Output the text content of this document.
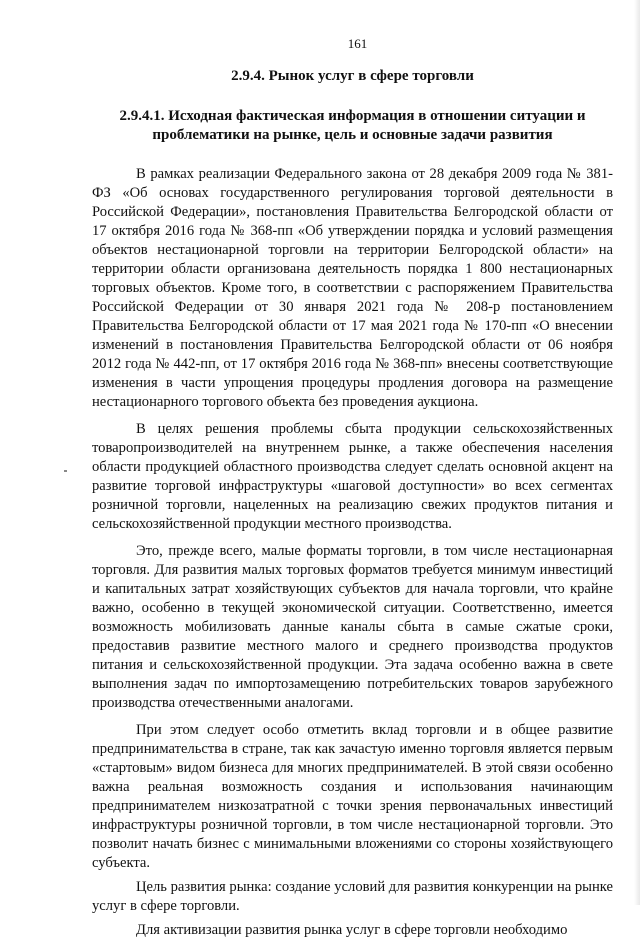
161
2.9.4. Рынок услуг в сфере торговли
2.9.4.1. Исходная фактическая информация в отношении ситуации и проблематики на рынке, цель и основные задачи развития

В рамках реализации Федерального закона от 28 декабря 2009 года № 381-ФЗ «Об основах государственного регулирования торговой деятельности в Российской Федерации», постановления Правительства Белгородской области от 17 октября 2016 года № 368-пп «Об утверждении порядка и условий размещения объектов нестационарной торговли на территории Белгородской области» на территории области организована деятельность порядка 1 800 нестационарных торговых объектов. Кроме того, в соответствии с распоряжением Правительства Российской Федерации от 30 января 2021 года № 208-р постановлением Правительства Белгородской области от 17 мая 2021 года № 170-пп «О внесении изменений в постановления Правительства Белгородской области от 06 ноября 2012 года № 442-пп, от 17 октября 2016 года № 368-пп» внесены соответствующие изменения в части упрощения процедуры продления договора на размещение нестационарного торгового объекта без проведения аукциона.

В целях решения проблемы сбыта продукции сельскохозяйственных товаропроизводителей на внутреннем рынке, а также обеспечения населения области продукцией областного производства следует сделать основной акцент на развитие торговой инфраструктуры «шаговой доступности» во всех сегментах розничной торговли, нацеленных на реализацию свежих продуктов питания и сельскохозяйственной продукции местного производства.

Это, прежде всего, малые форматы торговли, в том числе нестационарная торговля. Для развития малых торговых форматов требуется минимум инвестиций и капитальных затрат хозяйствующих субъектов для начала торговли, что крайне важно, особенно в текущей экономической ситуации. Соответственно, имеется возможность мобилизовать данные каналы сбыта в самые сжатые сроки, предоставив развитие местного малого и среднего производства продуктов питания и сельскохозяйственной продукции. Эта задача особенно важна в свете выполнения задач по импортозамещению потребительских товаров зарубежного производства отечественными аналогами.

При этом следует особо отметить вклад торговли и в общее развитие предпринимательства в стране, так как зачастую именно торговля является первым «стартовым» видом бизнеса для многих предпринимателей. В этой связи особенно важна реальная возможность создания и использования начинающим предпринимателем низкозатратной с точки зрения первоначальных инвестиций инфраструктуры розничной торговли, в том числе нестационарной торговли. Это позволит начать бизнес с минимальными вложениями со стороны хозяйствующего субъекта.

Цель развития рынка: создание условий для развития конкуренции на рынке услуг в сфере торговли.

Для активизации развития рынка услуг в сфере торговли необходимо
